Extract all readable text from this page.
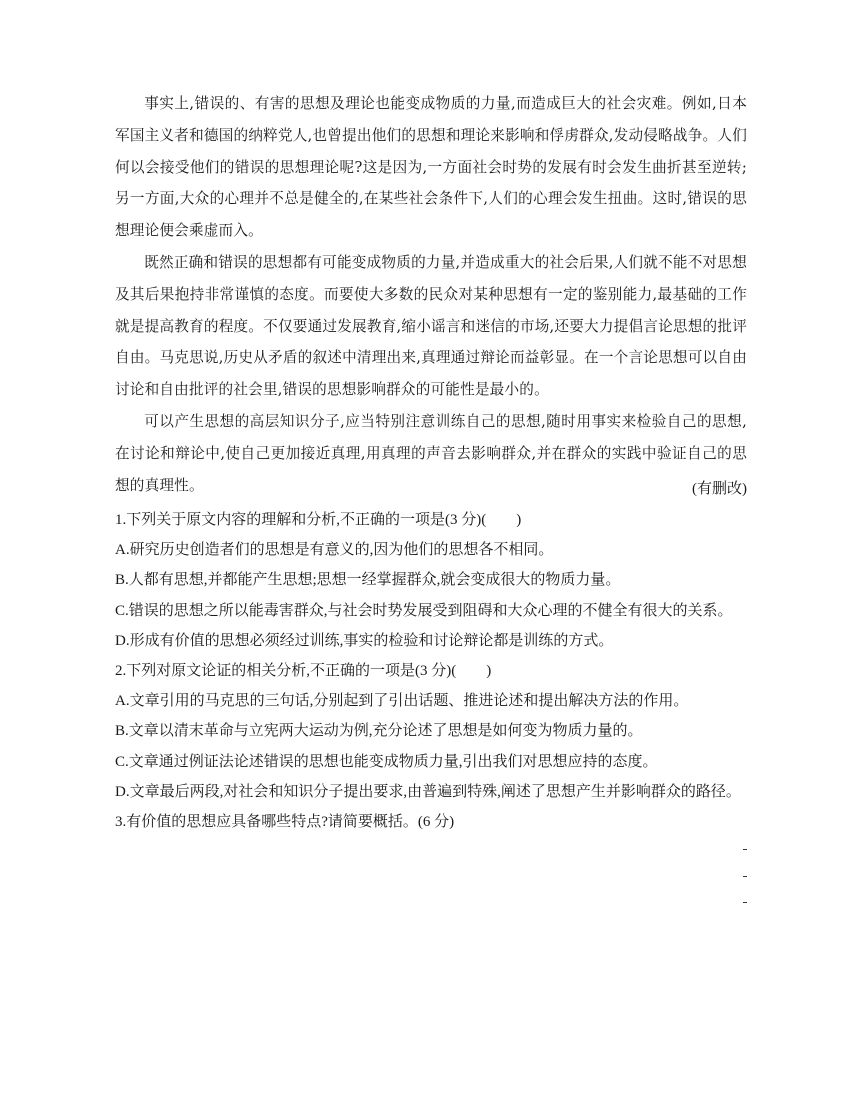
事实上,错误的、有害的思想及理论也能变成物质的力量,而造成巨大的社会灾难。例如,日本军国主义者和德国的纳粹党人,也曾提出他们的思想和理论来影响和俘虏群众,发动侵略战争。人们何以会接受他们的错误的思想理论呢?这是因为,一方面社会时势的发展有时会发生曲折甚至逆转;另一方面,大众的心理并不总是健全的,在某些社会条件下,人们的心理会发生扭曲。这时,错误的思想理论便会乘虚而入。

既然正确和错误的思想都有可能变成物质的力量,并造成重大的社会后果,人们就不能不对思想及其后果抱持非常谨慎的态度。而要使大多数的民众对某种思想有一定的鉴别能力,最基础的工作就是提高教育的程度。不仅要通过发展教育,缩小谣言和迷信的市场,还要大力提倡言论思想的批评自由。马克思说,历史从矛盾的叙述中清理出来,真理通过辩论而益彰显。在一个言论思想可以自由讨论和自由批评的社会里,错误的思想影响群众的可能性是最小的。

可以产生思想的高层知识分子,应当特别注意训练自己的思想,随时用事实来检验自己的思想,在讨论和辩论中,使自己更加接近真理,用真理的声音去影响群众,并在群众的实践中验证自己的思想的真理性。	(有删改)
1.下列关于原文内容的理解和分析,不正确的一项是(3 分)(　　)
A.研究历史创造者们的思想是有意义的,因为他们的思想各不相同。
B.人都有思想,并都能产生思想;思想一经掌握群众,就会变成很大的物质力量。
C.错误的思想之所以能毒害群众,与社会时势发展受到阻碍和大众心理的不健全有很大的关系。
D.形成有价值的思想必须经过训练,事实的检验和讨论辩论都是训练的方式。
2.下列对原文论证的相关分析,不正确的一项是(3 分)(　　)
A.文章引用的马克思的三句话,分别起到了引出话题、推进论述和提出解决方法的作用。
B.文章以清末革命与立宪两大运动为例,充分论述了思想是如何变为物质力量的。
C.文章通过例证法论述错误的思想也能变成物质力量,引出我们对思想应持的态度。
D.文章最后两段,对社会和知识分子提出要求,由普遍到特殊,阐述了思想产生并影响群众的路径。
3.有价值的思想应具备哪些特点?请简要概括。(6 分)
